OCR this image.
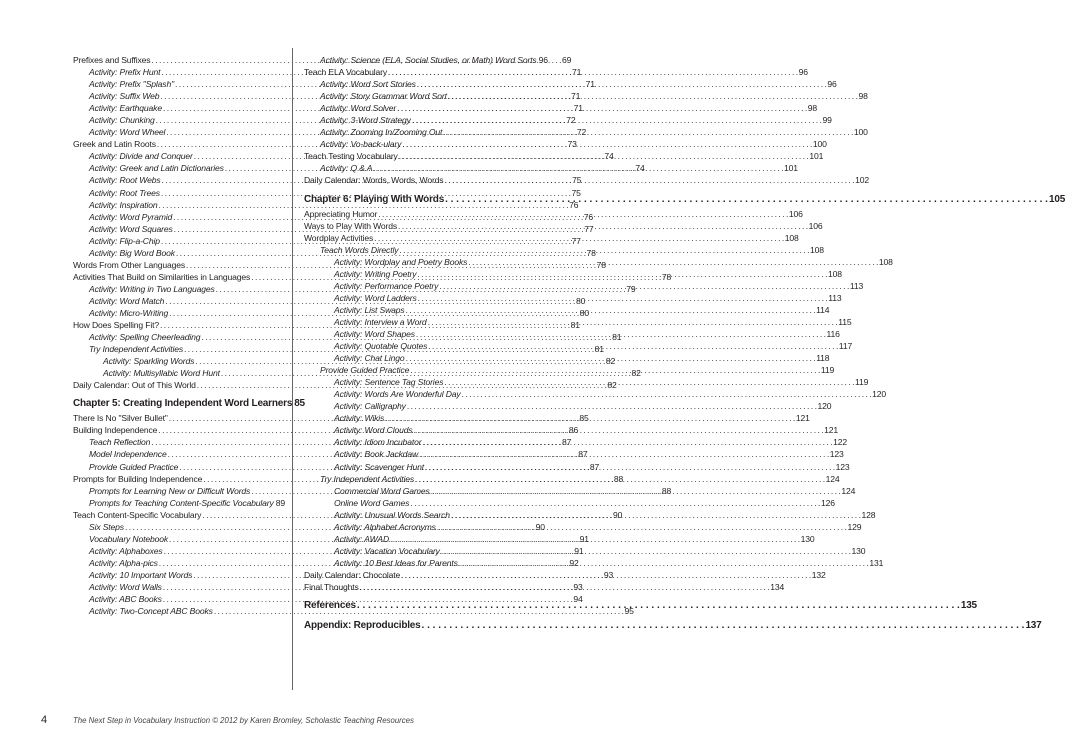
Prefixes and Suffixes . . .	69
Activity: Prefix Hunt . . .	71
Activity: Prefix "Splash" . . .	71
Activity: Suffix Web . . .	71
Activity: Earthquake . . .	71
Activity: Chunking . . .	72
Activity: Word Wheel . . .	72
Greek and Latin Roots . . .	73
Activity: Divide and Conquer . . .	74
Activity: Greek and Latin Dictionaries . . .	74
Activity: Root Webs . . .	75
Activity: Root Trees . . .	75
Activity: Inspiration . . .	76
Activity: Word Pyramid . . .	76
Activity: Word Squares . . .	77
Activity: Flip-a-Chip . . .	77
Activity: Big Word Book . . .	78
Words From Other Languages . . .	78
Activities That Build on Similarities in Languages . . .	78
Activity: Writing in Two Languages . . .	79
Activity: Word Match . . .	80
Activity: Micro-Writing . . .	80
How Does Spelling Fit? . . .	81
Activity: Spelling Cheerleading . . .	81
Try Independent Activities . . .	81
Activity: Sparkling Words . . .	82
Activity: Multisyllabic Word Hunt . . .	82
Daily Calendar: Out of This World . . .	82
Chapter 5: Creating Independent Word Learners 85
There Is No "Silver Bullet" . . .	85
Building Independence . . .	86
Teach Reflection . . .	87
Model Independence . . .	87
Provide Guided Practice . . .	87
Prompts for Building Independence . . .	88
Prompts for Learning New or Difficult Words . . .	88
Prompts for Teaching Content-Specific Vocabulary . . . 89
Teach Content-Specific Vocabulary . . .	90
Six Steps . . .	90
Vocabulary Notebook . . .	91
Activity: Alphaboxes . . .	91
Activity: Alpha-pics . . .	92
Activity: 10 Important Words . . .	93
Activity: Word Walls . . .	93
Activity: ABC Books . . .	94
Activity: Two-Concept ABC Books . . .	95
Activity: Science (ELA, Social Studies, or Math) Word Sorts 96
Teach ELA Vocabulary . . .	96
Activity: Word Sort Stories . . .	96
Activity: Story Grammar Word Sort . . .	98
Activity: Word Solver . . .	98
Activity: 3-Word Strategy . . .	99
Activity: Zooming In/Zooming Out . . .	100
Activity: Vo-back-ulary . . .	100
Teach Testing Vocabulary . . .	101
Activity: Q & A . . .	101
Daily Calendar: Words, Words, Words . . .	102
Chapter 6: Playing With Words . . .	105
Appreciating Humor . . .	106
Ways to Play With Words . . .	106
Wordplay Activities . . .	108
Teach Words Directly . . .	108
Activity: Wordplay and Poetry Books . . .	108
Activity: Writing Poetry . . .	108
Activity: Performance Poetry . . .	113
Activity: Word Ladders . . .	113
Activity: List Swaps . . .	114
Activity: Interview a Word . . .	115
Activity: Word Shapes . . .	116
Activity: Quotable Quotes . . .	117
Activity: Chat Lingo . . .	118
Provide Guided Practice . . .	119
Activity: Sentence Tag Stories . . .	119
Activity: Words Are Wonderful Day . . .	120
Activity: Calligraphy . . .	120
Activity: Wikis . . .	121
Activity: Word Clouds . . .	121
Activity: Idiom Incubator . . .	122
Activity: Book Jackdaw . . .	123
Activity: Scavenger Hunt . . .	123
Try Independent Activities . . .	124
Commercial Word Games . . .	124
Online Word Games . . .	126
Activity: Unusual Words Search . . .	128
Activity: Alphabet Acronyms . . .	129
Activity: AWAD . . .	130
Activity: Vacation Vocabulary . . .	130
Activity: 10 Best Ideas for Parents . . .	131
Daily Calendar: Chocolate . . .	132
Final Thoughts . . .	134
References . . .	135
Appendix: Reproducibles . . .	137
4	The Next Step in Vocabulary Instruction © 2012 by Karen Bromley, Scholastic Teaching Resources
